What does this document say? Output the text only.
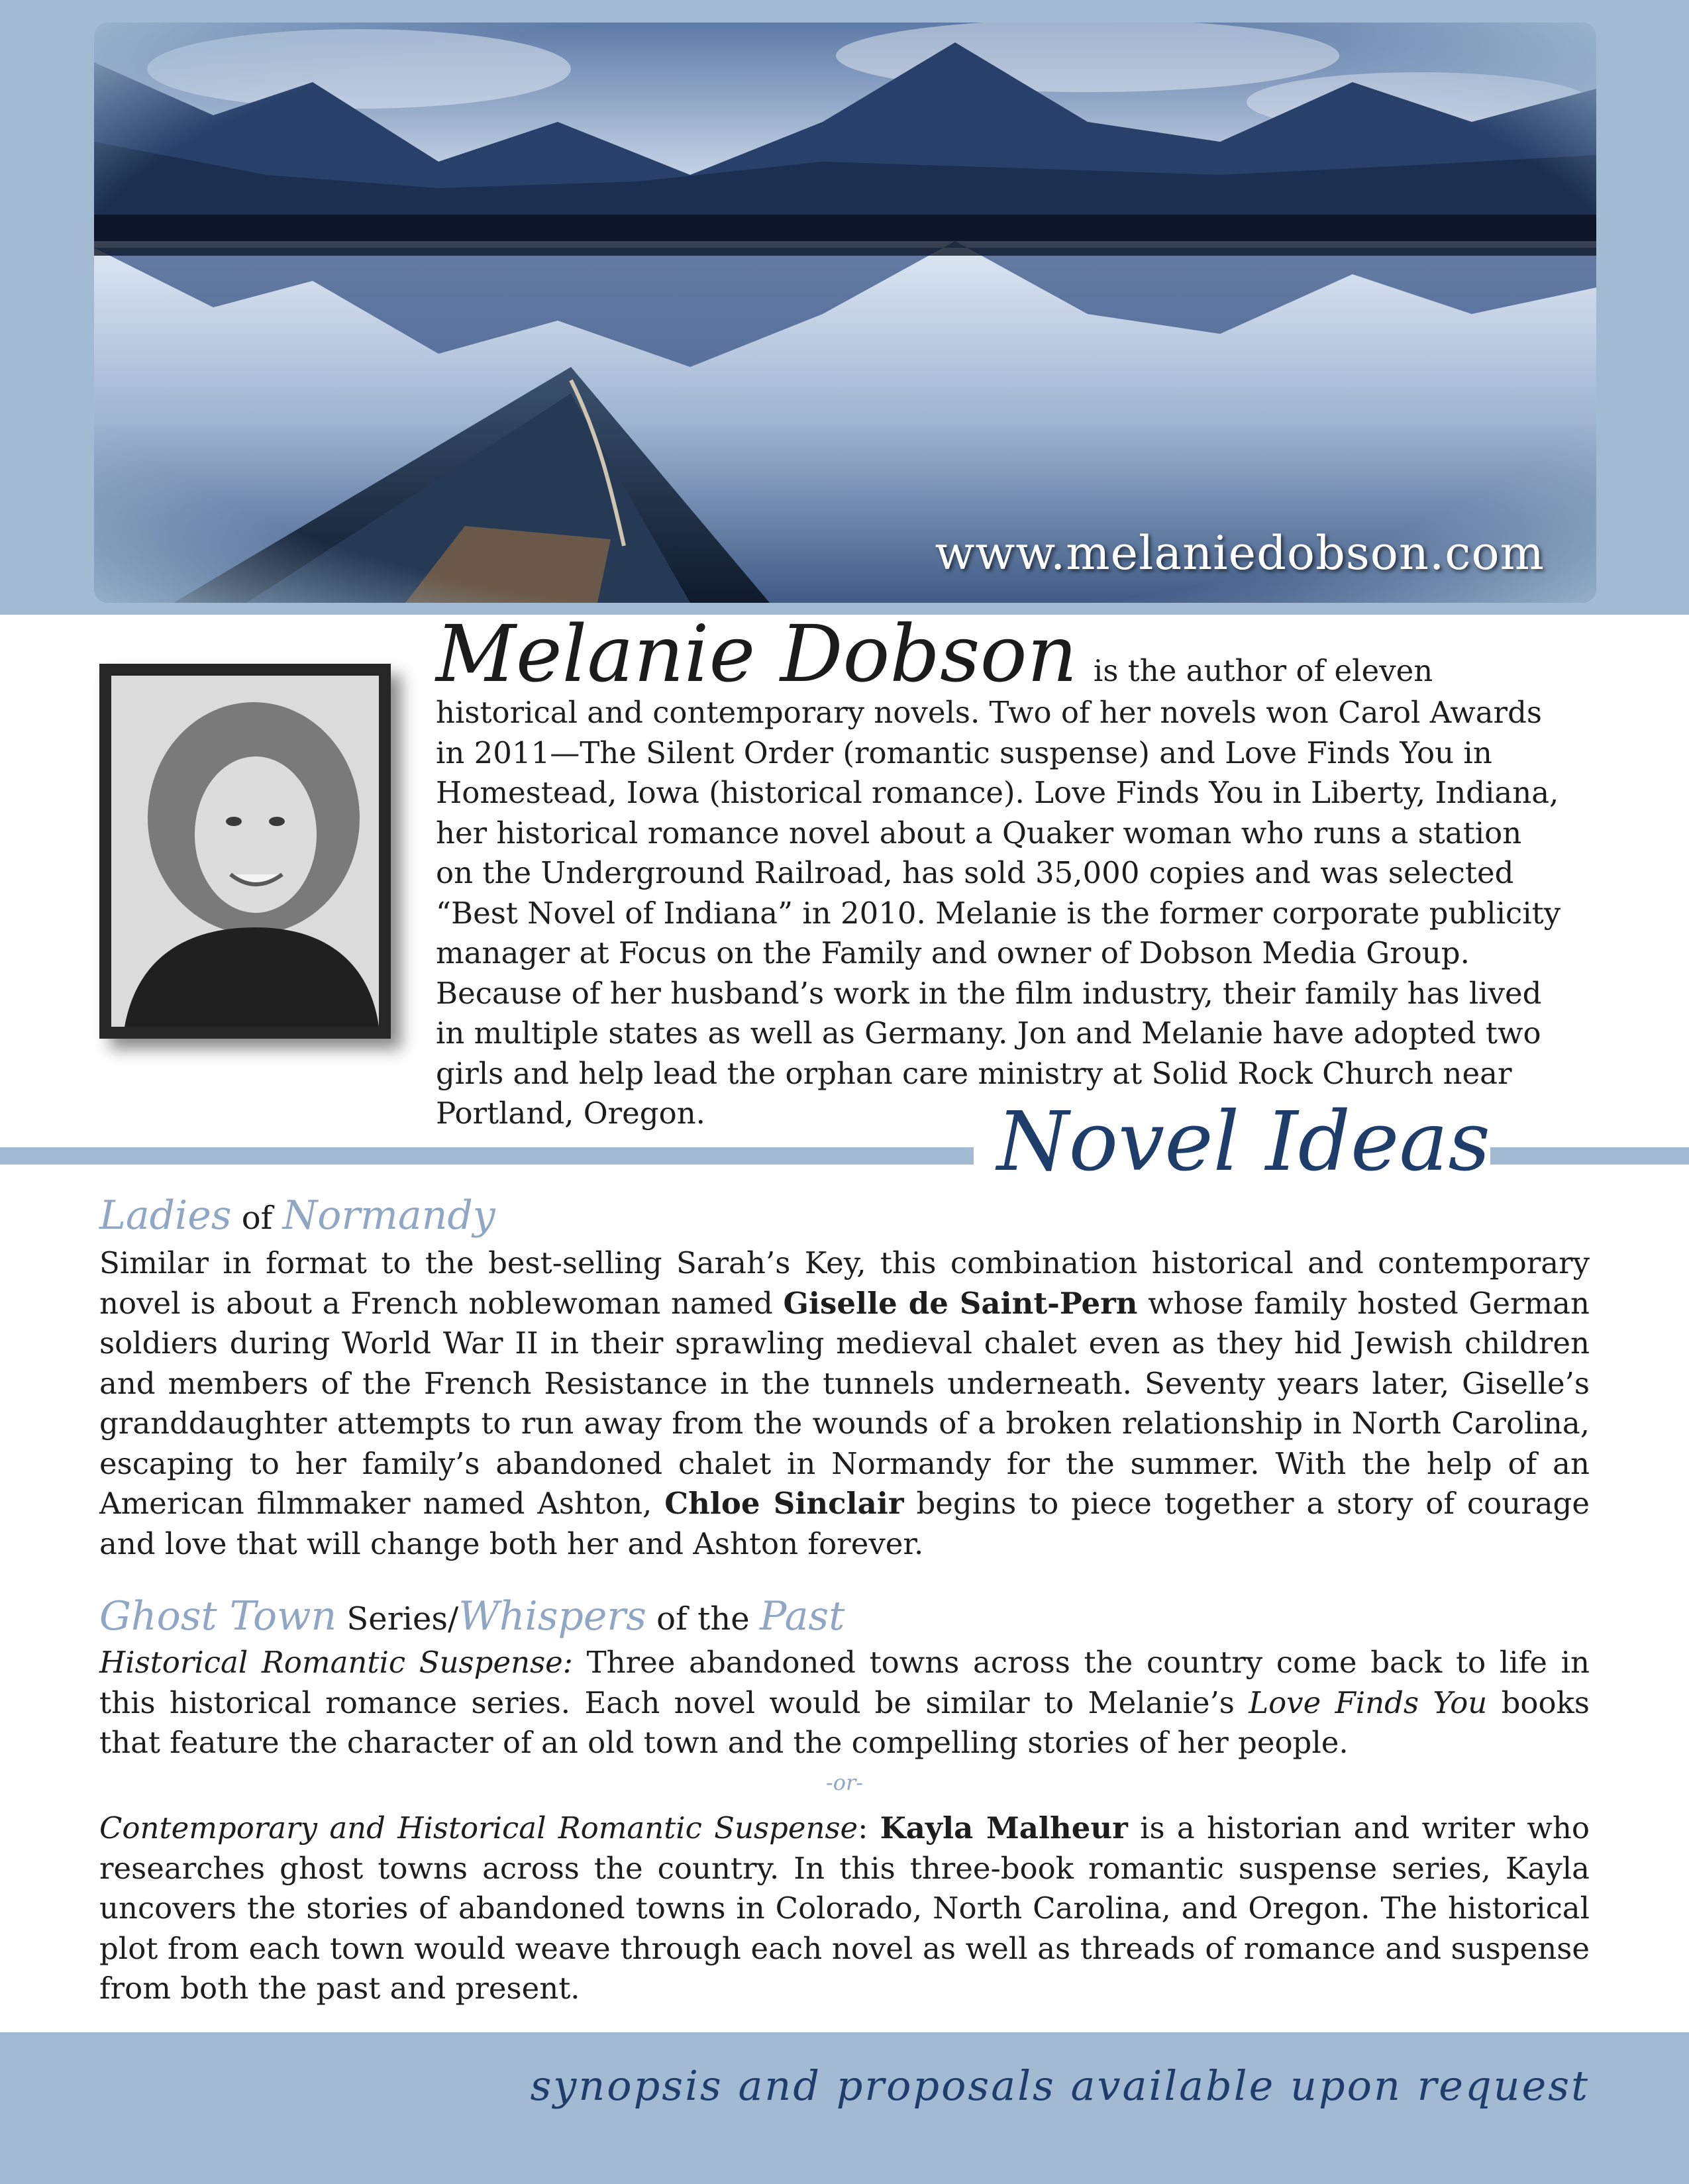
www.melaniedobson.com
Melanie Dobson is the author of eleven historical and contemporary novels. Two of her novels won Carol Awards in 2011—The Silent Order (romantic suspense) and Love Finds You in Homestead, Iowa (historical romance). Love Finds You in Liberty, Indiana, her historical romance novel about a Quaker woman who runs a station on the Underground Railroad, has sold 35,000 copies and was selected “Best Novel of Indiana” in 2010. Melanie is the former corporate publicity manager at Focus on the Family and owner of Dobson Media Group. Because of her husband’s work in the film industry, their family has lived in multiple states as well as Germany. Jon and Melanie have adopted two girls and help lead the orphan care ministry at Solid Rock Church near Portland, Oregon.	Novel Ideas
Ladies of Normandy
Similar in format to the best-selling Sarah’s Key, this combination historical and contemporary novel is about a French noblewoman named Giselle de Saint-Pern whose family hosted German soldiers during World War II in their sprawling medieval chalet even as they hid Jewish children and members of the French Resistance in the tunnels underneath. Seventy years later, Giselle’s granddaughter attempts to run away from the wounds of a broken relationship in North Carolina, escaping to her family’s abandoned chalet in Normandy for the summer. With the help of an American filmmaker named Ashton, Chloe Sinclair begins to piece together a story of courage and love that will change both her and Ashton forever.
Ghost Town Series/Whispers of the Past
Historical Romantic Suspense: Three abandoned towns across the country come back to life in this historical romance series. Each novel would be similar to Melanie’s Love Finds You books that feature the character of an old town and the compelling stories of her people.
-or-
Contemporary and Historical Romantic Suspense: Kayla Malheur is a historian and writer who researches ghost towns across the country. In this three-book romantic suspense series, Kayla uncovers the stories of abandoned towns in Colorado, North Carolina, and Oregon. The historical plot from each town would weave through each novel as well as threads of romance and suspense from both the past and present.
synopsis and proposals available upon request
